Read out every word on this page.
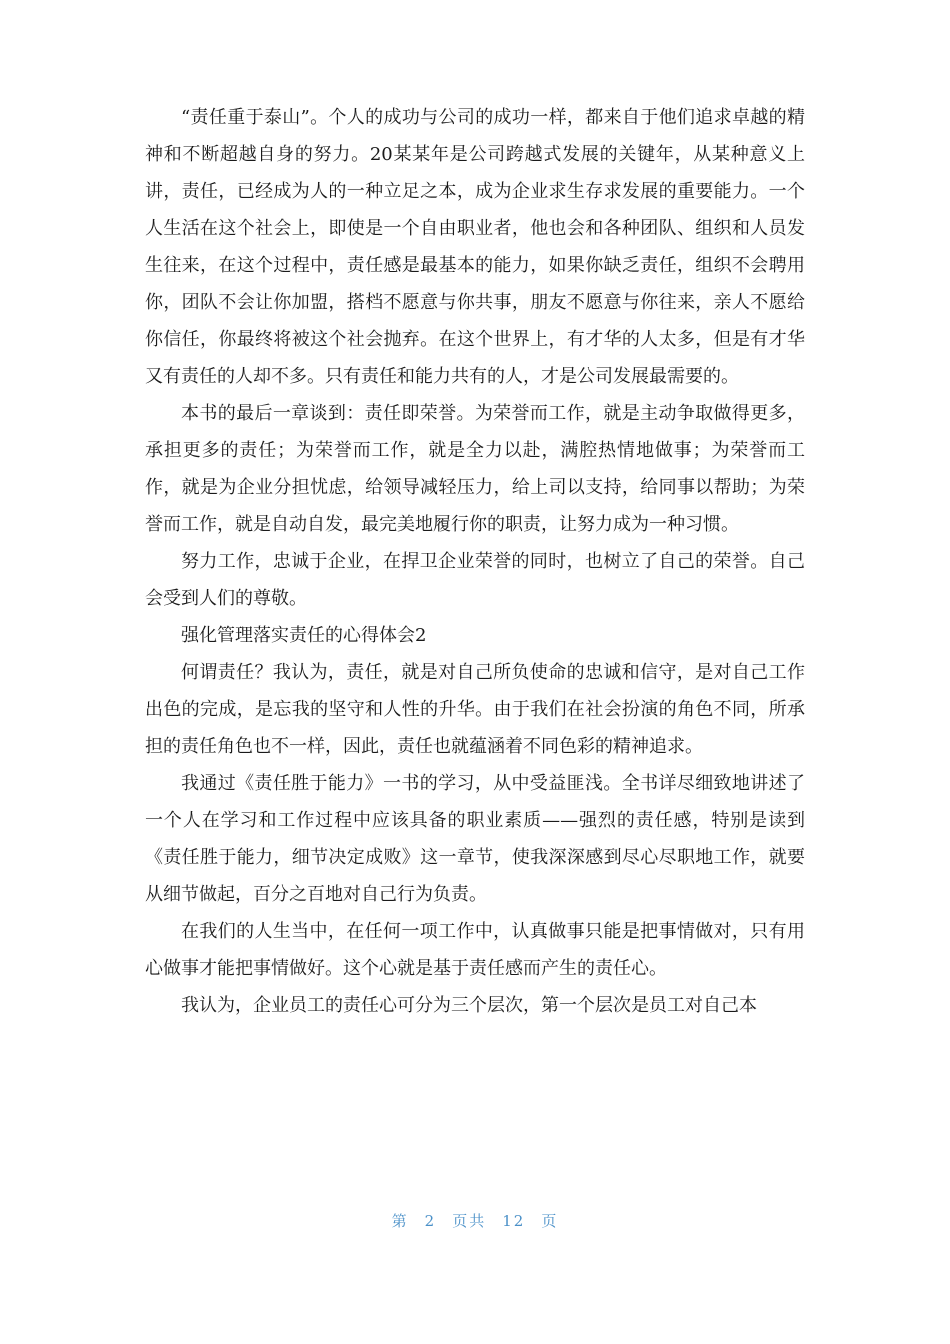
“责任重于泰山”。个人的成功与公司的成功一样，都来自于他们追求卓越的精神和不断超越自身的努力。20某某年是公司跨越式发展的关键年，从某种意义上讲，责任，已经成为人的一种立足之本，成为企业求生存求发展的重要能力。一个人生活在这个社会上，即使是一个自由职业者，他也会和各种团队、组织和人员发生往来，在这个过程中，责任感是最基本的能力，如果你缺乏责任，组织不会聘用你，团队不会让你加盟，搭档不愿意与你共事，朋友不愿意与你往来，亲人不愿给你信任，你最终将被这个社会抛弃。在这个世界上，有才华的人太多，但是有才华又有责任的人却不多。只有责任和能力共有的人，才是公司发展最需要的。

本书的最后一章谈到：责任即荣誉。为荣誉而工作，就是主动争取做得更多，承担更多的责任；为荣誉而工作，就是全力以赴，满腔热情地做事；为荣誉而工作，就是为企业分担忧虑，给领导减轻压力，给上司以支持，给同事以帮助；为荣誉而工作，就是自动自发，最完美地履行你的职责，让努力成为一种习惯。

努力工作，忠诚于企业，在捍卫企业荣誉的同时，也树立了自己的荣誉。自己会受到人们的尊敬。

强化管理落实责任的心得体会2

何谓责任？我认为，责任，就是对自己所负使命的忠诚和信守，是对自己工作出色的完成，是忘我的坚守和人性的升华。由于我们在社会扮演的角色不同，所承担的责任角色也不一样，因此，责任也就蕴涵着不同色彩的精神追求。

我通过《责任胜于能力》一书的学习，从中受益匪浅。全书详尽细致地讲述了一个人在学习和工作过程中应该具备的职业素质——强烈的责任感，特别是读到《责任胜于能力，细节决定成败》这一章节，使我深深感到尽心尽职地工作，就要从细节做起，百分之百地对自己行为负责。

在我们的人生当中，在任何一项工作中，认真做事只能是把事情做对，只有用心做事才能把事情做好。这个心就是基于责任感而产生的责任心。

我认为，企业员工的责任心可分为三个层次，第一个层次是员工对自己本

第 2 页共 12 页
